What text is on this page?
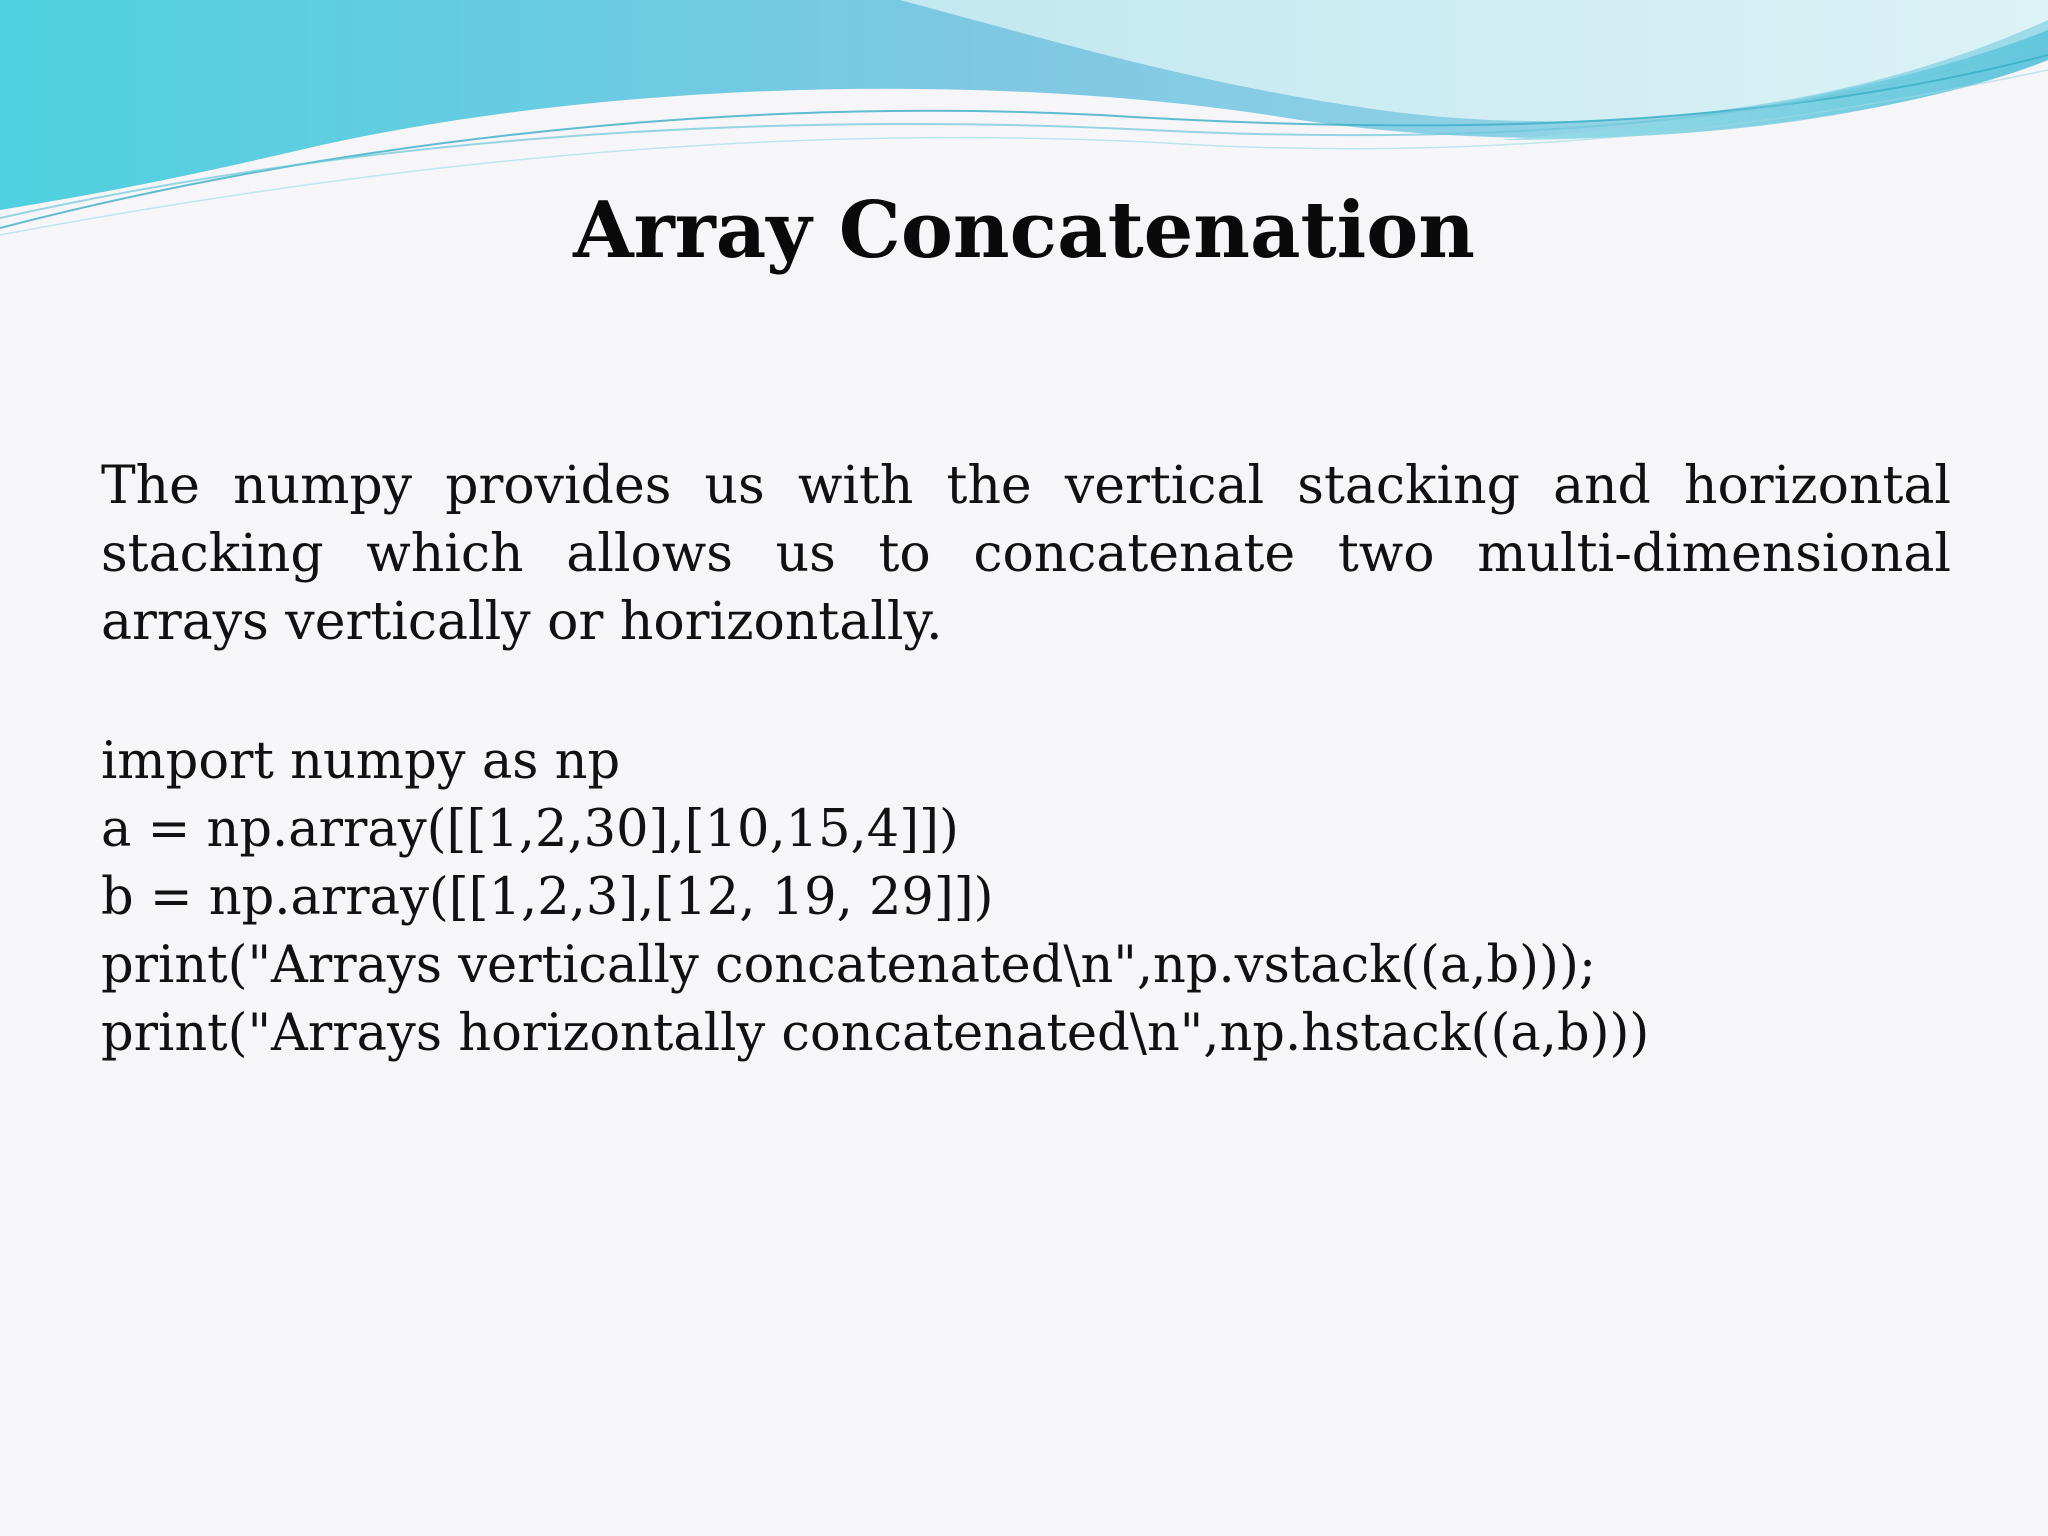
Array Concatenation

The numpy provides us with the vertical stacking and horizontal stacking which allows us to concatenate two multi-dimensional arrays vertically or horizontally.

import numpy as np
a = np.array([[1,2,30],[10,15,4]])
b = np.array([[1,2,3],[12, 19, 29]])
print("Arrays vertically concatenated\n",np.vstack((a,b)));
print("Arrays horizontally concatenated\n",np.hstack((a,b)))
